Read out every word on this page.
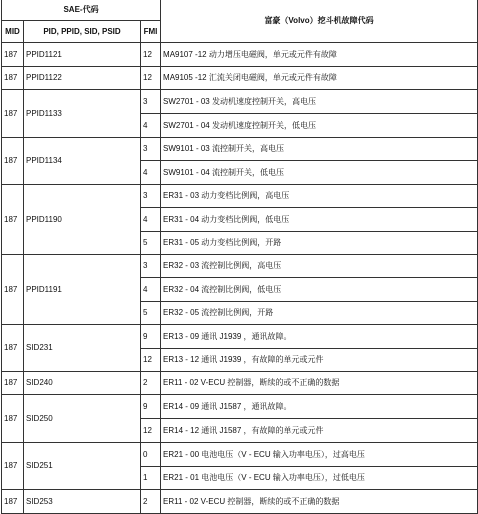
SAE-代码			富豪（Volvo）挖斗机故障代码
MID	PID, PPID, SID, PSID	FMI	
187	PPID1121	12	MA9107 -12 动力增压电磁阀，单元或元件有故障
187	PPID1122	12	MA9105 -12 汇流关闭电磁阀，单元或元件有故障
187	PPID1133	3	SW2701 - 03 发动机速度控制开关，高电压
		4	SW2701 - 04 发动机速度控制开关，低电压
187	PPID1134	3	SW9101 - 03 流控制开关，高电压
		4	SW9101 - 04 流控制开关，低电压
187	PPID1190	3	ER31 - 03 动力变档比例阀，高电压
		4	ER31 - 04 动力变档比例阀，低电压
		5	ER31 - 05 动力变档比例阀，开路
187	PPID1191	3	ER32 - 03 流控制比例阀，高电压
		4	ER32 - 04 流控制比例阀，低电压
		5	ER32 - 05 流控制比例阀，开路
187	SID231	9	ER13 - 09 通讯 J1939 ，通讯故障。
		12	ER13 - 12 通讯 J1939 ，有故障的单元或元件
187	SID240	2	ER11 - 02 V-ECU 控制器，断续的或不正确的数据
187	SID250	9	ER14 - 09 通讯 J1587 ，通讯故障。
		12	ER14 - 12 通讯 J1587 ，有故障的单元或元件
187	SID251	0	ER21 - 00 电池电压（V - ECU 输入功率电压），过高电压
		1	ER21 - 01 电池电压（V - ECU 输入功率电压），过低电压
187	SID253	2	ER11 - 02 V-ECU 控制器，断续的或不正确的数据
